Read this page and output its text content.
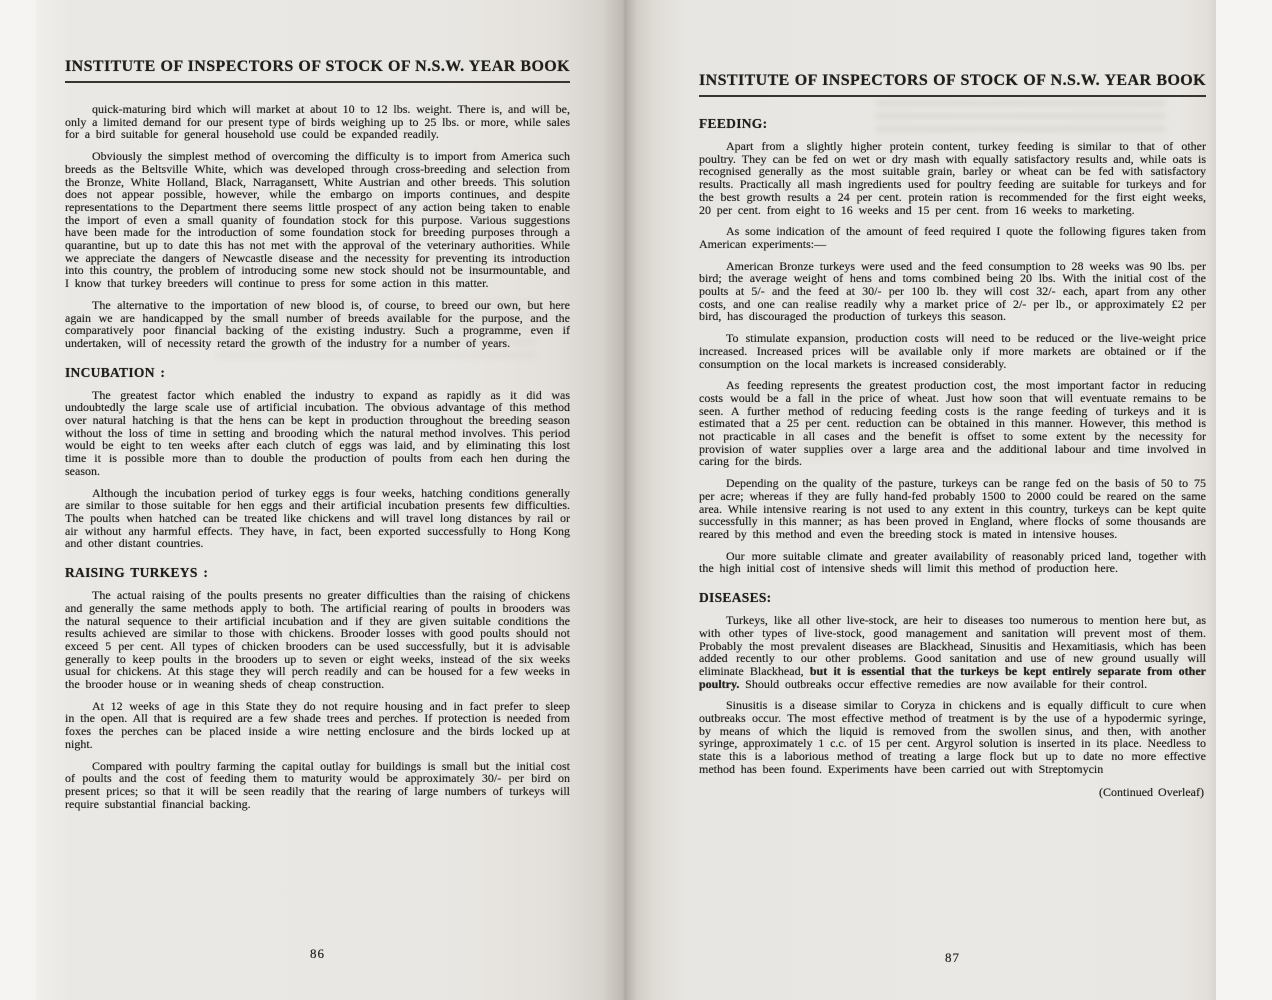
INSTITUTE OF INSPECTORS OF STOCK OF N.S.W. YEAR BOOK

quick-maturing bird which will market at about 10 to 12 lbs. weight. There is, and will be, only a limited demand for our present type of birds weighing up to 25 lbs. or more, while sales for a bird suitable for general household use could be expanded readily.

Obviously the simplest method of overcoming the difficulty is to import from America such breeds as the Beltsville White, which was developed through cross-breeding and selection from the Bronze, White Holland, Black, Narragansett, White Austrian and other breeds. This solution does not appear possible, however, while the embargo on imports continues, and despite representations to the Department there seems little prospect of any action being taken to enable the import of even a small quanity of foundation stock for this purpose. Various suggestions have been made for the introduction of some foundation stock for breeding purposes through a quarantine, but up to date this has not met with the approval of the veterinary authorities. While we appreciate the dangers of Newcastle disease and the necessity for preventing its introduction into this country, the problem of introducing some new stock should not be insurmountable, and I know that turkey breeders will continue to press for some action in this matter.

The alternative to the importation of new blood is, of course, to breed our own, but here again we are handicapped by the small number of breeds available for the purpose, and the comparatively poor financial backing of the existing industry. Such a programme, even if undertaken, will of necessity retard the growth of the industry for a number of years.

INCUBATION :

The greatest factor which enabled the industry to expand as rapidly as it did was undoubtedly the large scale use of artificial incubation. The obvious advantage of this method over natural hatching is that the hens can be kept in production throughout the breeding season without the loss of time in setting and brooding which the natural method involves. This period would be eight to ten weeks after each clutch of eggs was laid, and by eliminating this lost time it is possible more than to double the production of poults from each hen during the season.

Although the incubation period of turkey eggs is four weeks, hatching conditions generally are similar to those suitable for hen eggs and their artificial incubation presents few difficulties. The poults when hatched can be treated like chickens and will travel long distances by rail or air without any harmful effects. They have, in fact, been exported successfully to Hong Kong and other distant countries.

RAISING TURKEYS :

The actual raising of the poults presents no greater difficulties than the raising of chickens and generally the same methods apply to both. The artificial rearing of poults in brooders was the natural sequence to their artificial incubation and if they are given suitable conditions the results achieved are similar to those with chickens. Brooder losses with good poults should not exceed 5 per cent. All types of chicken brooders can be used successfully, but it is advisable generally to keep poults in the brooders up to seven or eight weeks, instead of the six weeks usual for chickens. At this stage they will perch readily and can be housed for a few weeks in the brooder house or in weaning sheds of cheap construction.

At 12 weeks of age in this State they do not require housing and in fact prefer to sleep in the open. All that is required are a few shade trees and perches. If protection is needed from foxes the perches can be placed inside a wire netting enclosure and the birds locked up at night.

Compared with poultry farming the capital outlay for buildings is small but the initial cost of poults and the cost of feeding them to maturity would be approximately 30/- per bird on present prices; so that it will be seen readily that the rearing of large numbers of turkeys will require substantial financial backing.

86
INSTITUTE OF INSPECTORS OF STOCK OF N.S.W. YEAR BOOK
FEEDING:

Apart from a slightly higher protein content, turkey feeding is similar to that of other poultry. They can be fed on wet or dry mash with equally satisfactory results and, while oats is recognised generally as the most suitable grain, barley or wheat can be fed with satisfactory results. Practically all mash ingredients used for poultry feeding are suitable for turkeys and for the best growth results a 24 per cent. protein ration is recommended for the first eight weeks, 20 per cent. from eight to 16 weeks and 15 per cent. from 16 weeks to marketing.

As some indication of the amount of feed required I quote the following figures taken from American experiments:—

American Bronze turkeys were used and the feed consumption to 28 weeks was 90 lbs. per bird; the average weight of hens and toms combined being 20 lbs. With the initial cost of the poults at 5/- and the feed at 30/- per 100 lb. they will cost 32/- each, apart from any other costs, and one can realise readily why a market price of 2/- per lb., or approximately £2 per bird, has discouraged the production of turkeys this season.

To stimulate expansion, production costs will need to be reduced or the live-weight price increased. Increased prices will be available only if more markets are obtained or if the consumption on the local markets is increased considerably.

As feeding represents the greatest production cost, the most important factor in reducing costs would be a fall in the price of wheat. Just how soon that will eventuate remains to be seen. A further method of reducing feeding costs is the range feeding of turkeys and it is estimated that a 25 per cent. reduction can be obtained in this manner. However, this method is not practicable in all cases and the benefit is offset to some extent by the necessity for provision of water supplies over a large area and the additional labour and time involved in caring for the birds.

Depending on the quality of the pasture, turkeys can be range fed on the basis of 50 to 75 per acre; whereas if they are fully hand-fed probably 1500 to 2000 could be reared on the same area. While intensive rearing is not used to any extent in this country, turkeys can be kept quite successfully in this manner; as has been proved in England, where flocks of some thousands are reared by this method and even the breeding stock is mated in intensive houses.

Our more suitable climate and greater availability of reasonably priced land, together with the high initial cost of intensive sheds will limit this method of production here.

DISEASES:

Turkeys, like all other live-stock, are heir to diseases too numerous to mention here but, as with other types of live-stock, good management and sanitation will prevent most of them. Probably the most prevalent diseases are Blackhead, Sinusitis and Hexamitiasis, which has been added recently to our other problems. Good sanitation and use of new ground usually will eliminate Blackhead, but it is essential that the turkeys be kept entirely separate from other poultry. Should outbreaks occur effective remedies are now available for their control.

Sinusitis is a disease similar to Coryza in chickens and is equally difficult to cure when outbreaks occur. The most effective method of treatment is by the use of a hypodermic syringe, by means of which the liquid is removed from the swollen sinus, and then, with another syringe, approximately 1 c.c. of 15 per cent. Argyrol solution is inserted in its place. Needless to state this is a laborious method of treating a large flock but up to date no more effective method has been found. Experiments have been carried out with Streptomycin

(Continued Overleaf)
87
